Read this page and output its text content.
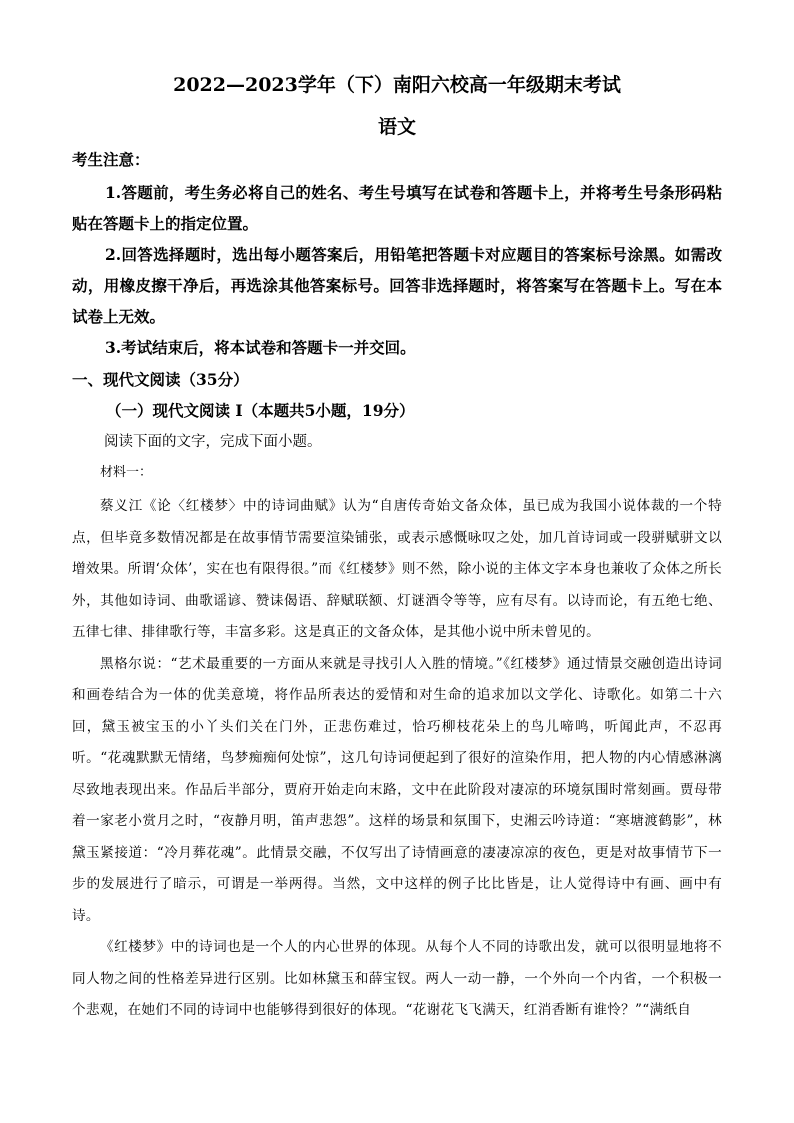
2022—2023学年（下）南阳六校高一年级期末考试
语文
考生注意：

1.答题前，考生务必将自己的姓名、考生号填写在试卷和答题卡上，并将考生号条形码粘贴在答题卡上的指定位置。

2.回答选择题时，选出每小题答案后，用铅笔把答题卡对应题目的答案标号涂黑。如需改动，用橡皮擦干净后，再选涂其他答案标号。回答非选择题时，将答案写在答题卡上。写在本试卷上无效。

3.考试结束后，将本试卷和答题卡一并交回。

一、现代文阅读（35分）
（一）现代文阅读 I（本题共5小题，19分）
阅读下面的文字，完成下面小题。
材料一：

蔡义江《论〈红楼梦〉中的诗词曲赋》认为“自唐传奇始文备众体，虽已成为我国小说体裁的一个特点，但毕竟多数情况都是在故事情节需要渲染铺张，或表示感慨咏叹之处，加几首诗词或一段骈赋骈文以增效果。所谓‘众体’，实在也有限得很。”而《红楼梦》则不然，除小说的主体文字本身也兼收了众体之所长外，其他如诗词、曲歌谣谚、赞诔偈语、辞赋联额、灯谜酒令等等，应有尽有。以诗而论，有五绝七绝、五律七律、排律歌行等，丰富多彩。这是真正的文备众体，是其他小说中所未曾见的。

黑格尔说：“艺术最重要的一方面从来就是寻找引人入胜的情境。”《红楼梦》通过情景交融创造出诗词和画卷结合为一体的优美意境，将作品所表达的爱情和对生命的追求加以文学化、诗歌化。如第二十六回，黛玉被宝玉的小丫头们关在门外，正悲伤难过，恰巧柳枝花朵上的鸟儿啼鸣，听闻此声，不忍再听。“花魂默默无情绪，鸟梦痴痴何处惊”，这几句诗词便起到了很好的渲染作用，把人物的内心情感淋漓尽致地表现出来。作品后半部分，贾府开始走向末路，文中在此阶段对凄凉的环境氛围时常刻画。贾母带着一家老小赏月之时，“夜静月明，笛声悲怨”。这样的场景和氛围下，史湘云吟诗道：“寒塘渡鹤影”，林黛玉紧接道：“冷月葬花魂”。此情景交融，不仅写出了诗情画意的凄凄凉凉的夜色，更是对故事情节下一步的发展进行了暗示，可谓是一举两得。当然，文中这样的例子比比皆是，让人觉得诗中有画、画中有诗。

《红楼梦》中的诗词也是一个人的内心世界的体现。从每个人不同的诗歌出发，就可以很明显地将不同人物之间的性格差异进行区别。比如林黛玉和薛宝钗。两人一动一静，一个外向一个内省，一个积极一个悲观，在她们不同的诗词中也能够得到很好的体现。“花谢花飞飞满天，红消香断有谁怜？”“满纸自
